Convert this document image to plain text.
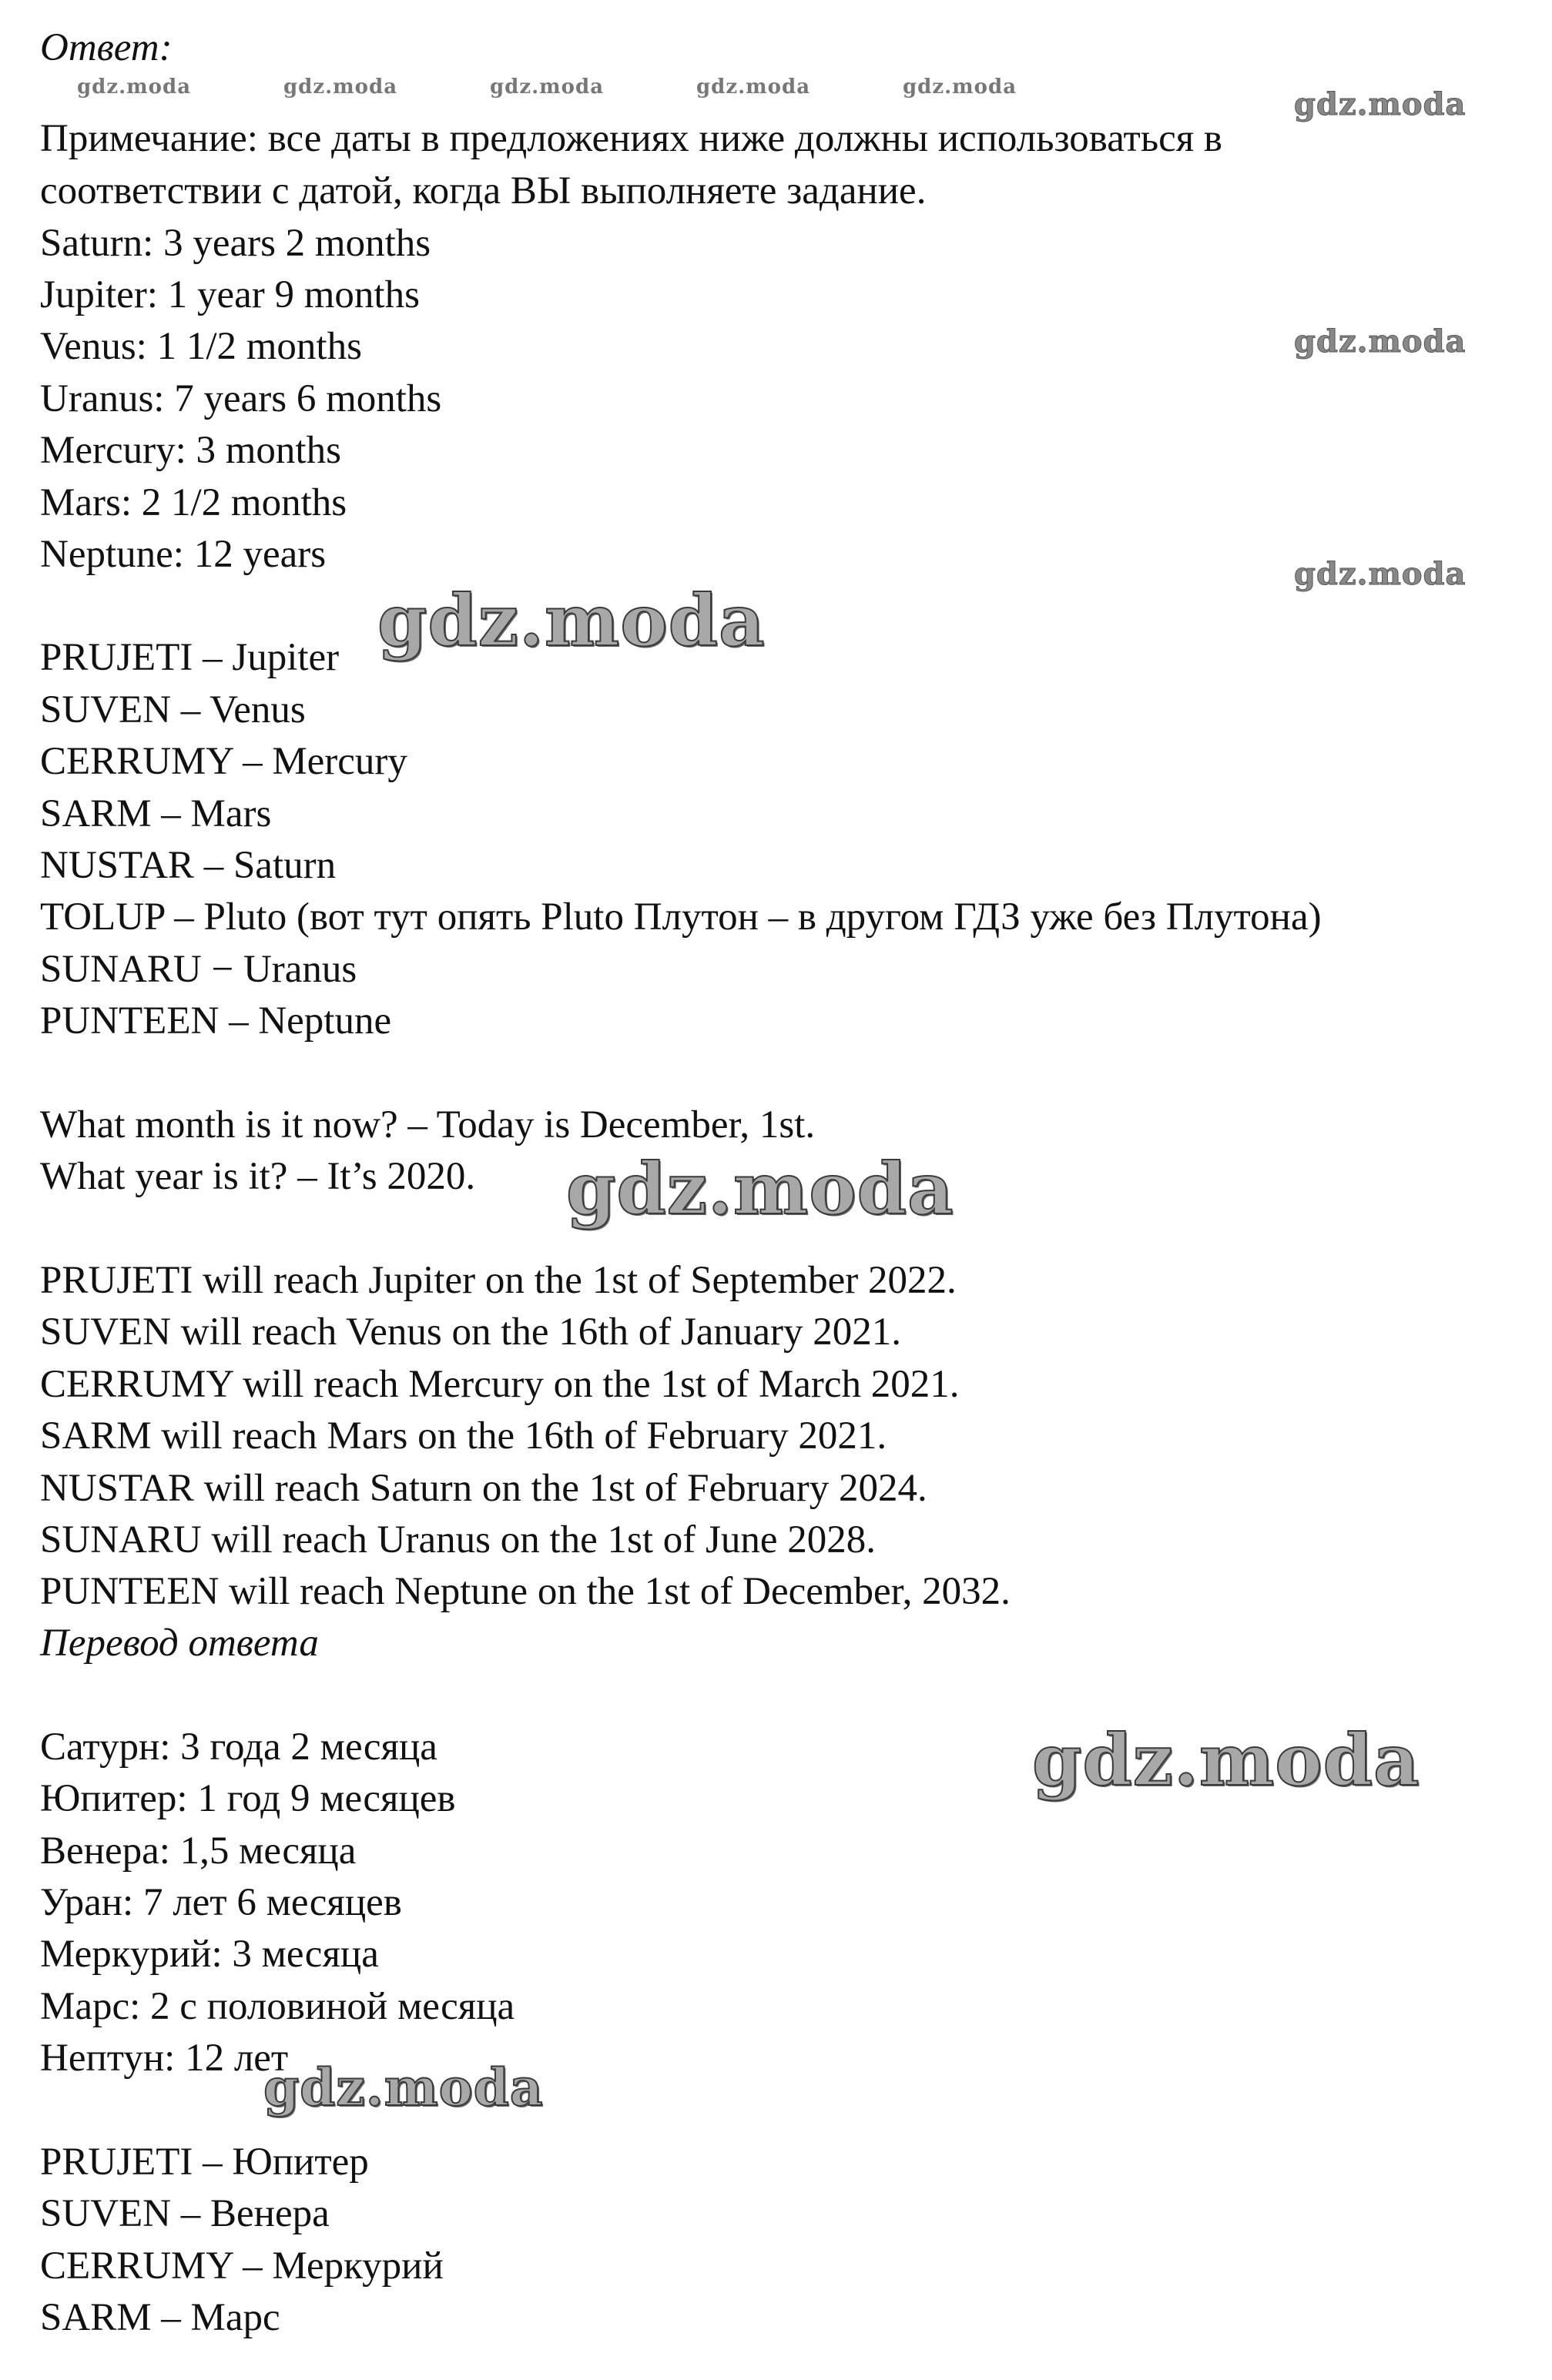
Ответ:
gdz.moda	gdz.moda	gdz.moda	gdz.moda	gdz.moda	gdz.moda
Примечание: все даты в предложениях ниже должны использоваться в
соответствии с датой, когда ВЫ выполняете задание.
Saturn: 3 years 2 months
Jupiter: 1 year 9 months
Venus: 1 1/2 months
Uranus: 7 years 6 months
Mercury: 3 months
Mars: 2 1/2 months
Neptune: 12 years
gdz.moda
gdz.moda
PRUJETI – Jupiter gdz.moda
SUVEN – Venus
CERRUMY – Mercury
SARM – Mars
NUSTAR – Saturn
TOLUP – Pluto (вот тут опять Pluto Плутон – в другом ГДЗ уже без Плутона)
SUNARU − Uranus
PUNTEEN – Neptune
What month is it now? – Today is December, 1st.
What year is it? – It’s 2020. gdz.moda
PRUJETI will reach Jupiter on the 1st of September 2022.
SUVEN will reach Venus on the 16th of January 2021.
CERRUMY will reach Mercury on the 1st of March 2021.
SARM will reach Mars on the 16th of February 2021.
NUSTAR will reach Saturn on the 1st of February 2024.
SUNARU will reach Uranus on the 1st of June 2028.
PUNTEEN will reach Neptune on the 1st of December, 2032.
Перевод ответа
Сатурн: 3 года 2 месяца	gdz.moda
Юпитер: 1 год 9 месяцев
Венера: 1,5 месяца
Уран: 7 лет 6 месяцев
Меркурий: 3 месяца
Марс: 2 с половиной месяца
Нептун: 12 лет
gdz.moda
PRUJETI – Юпитер
SUVEN – Венера
CERRUMY – Меркурий
SARM – Марс
